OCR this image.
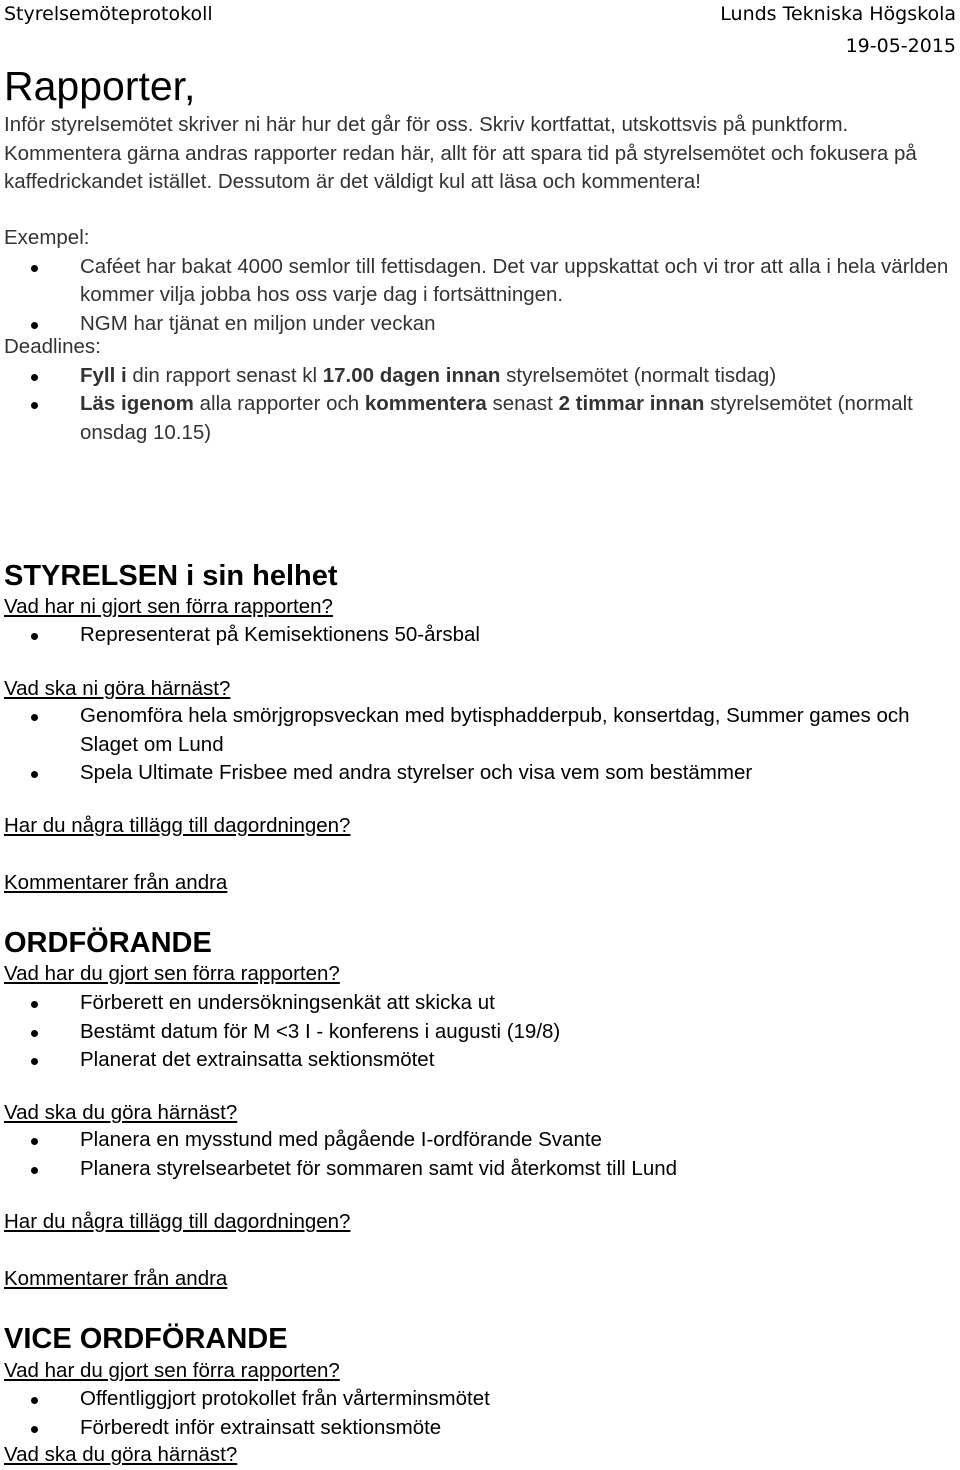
Styrelsemöteprotokoll	Lunds Tekniska Högskola
19-05-2015
Rapporter,

Inför styrelsemötet skriver ni här hur det går för oss. Skriv kortfattat, utskottsvis på punktform. Kommentera gärna andras rapporter redan här, allt för att spara tid på styrelsemötet och fokusera på kaffedrickandet istället. Dessutom är det väldigt kul att läsa och kommentera!

Exempel:
Caféet har bakat 4000 semlor till fettisdagen. Det var uppskattat och vi tror att alla i hela världen kommer vilja jobba hos oss varje dag i fortsättningen.
NGM har tjänat en miljon under veckan
Deadlines:
Fyll i din rapport senast kl 17.00 dagen innan styrelsemötet (normalt tisdag)
Läs igenom alla rapporter och kommentera senast 2 timmar innan styrelsemötet (normalt onsdag 10.15)
STYRELSEN i sin helhet
Vad har ni gjort sen förra rapporten?
Representerat på Kemisektionens 50-årsbal
Vad ska ni göra härnäst?
Genomföra hela smörjgropsveckan med bytisphadderpub, konsertdag, Summer games och Slaget om Lund
Spela Ultimate Frisbee med andra styrelser och visa vem som bestämmer
Har du några tillägg till dagordningen?
Kommentarer från andra
ORDFÖRANDE
Vad har du gjort sen förra rapporten?
Förberett en undersökningsenkät att skicka ut
Bestämt datum för M <3 I - konferens i augusti (19/8)
Planerat det extrainsatta sektionsmötet
Vad ska du göra härnäst?
Planera en mysstund med pågående I-ordförande Svante
Planera styrelsearbetet för sommaren samt vid återkomst till Lund
Har du några tillägg till dagordningen?
Kommentarer från andra
VICE ORDFÖRANDE
Vad har du gjort sen förra rapporten?
Offentliggjort protokollet från vårterminsmötet
Förberedt inför extrainsatt sektionsmöte
Vad ska du göra härnäst?
